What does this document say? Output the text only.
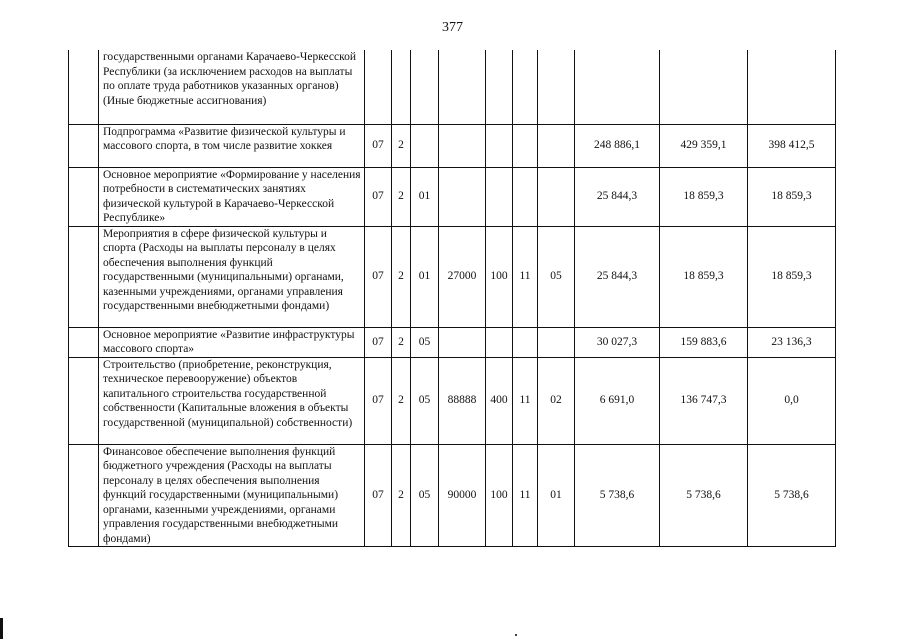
377
	государственными органами Карачаево-Черкесской Республики (за исключением расходов на выплаты по оплате труда работников указанных органов) (Иные бюджетные ассигнования)										
	Подпрограмма «Развитие физической культуры и массового спорта, в том числе развитие хоккея	07	2						248 886,1	429 359,1	398 412,5
	Основное мероприятие «Формирование у населения потребности в систематических занятиях физической культурой в Карачаево-Черкесской Республике»	07	2	01					25 844,3	18 859,3	18 859,3
	Мероприятия в сфере физической культуры и спорта (Расходы на выплаты персоналу в целях обеспечения выполнения функций государственными (муниципальными) органами, казенными учреждениями, органами управления государственными внебюджетными фондами)	07	2	01	27000	100	11	05	25 844,3	18 859,3	18 859,3
	Основное мероприятие «Развитие инфраструктуры массового спорта»	07	2	05					30 027,3	159 883,6	23 136,3
	Строительство (приобретение, реконструкция, техническое перевооружение) объектов капитального строительства государственной собственности (Капитальные вложения в объекты государственной (муниципальной) собственности)	07	2	05	88888	400	11	02	6 691,0	136 747,3	0,0
	Финансовое обеспечение выполнения функций бюджетного учреждения (Расходы на выплаты персоналу в целях обеспечения выполнения функций государственными (муниципальными) органами, казенными учреждениями, органами управления государственными внебюджетными фондами)	07	2	05	90000	100	11	01	5 738,6	5 738,6	5 738,6
